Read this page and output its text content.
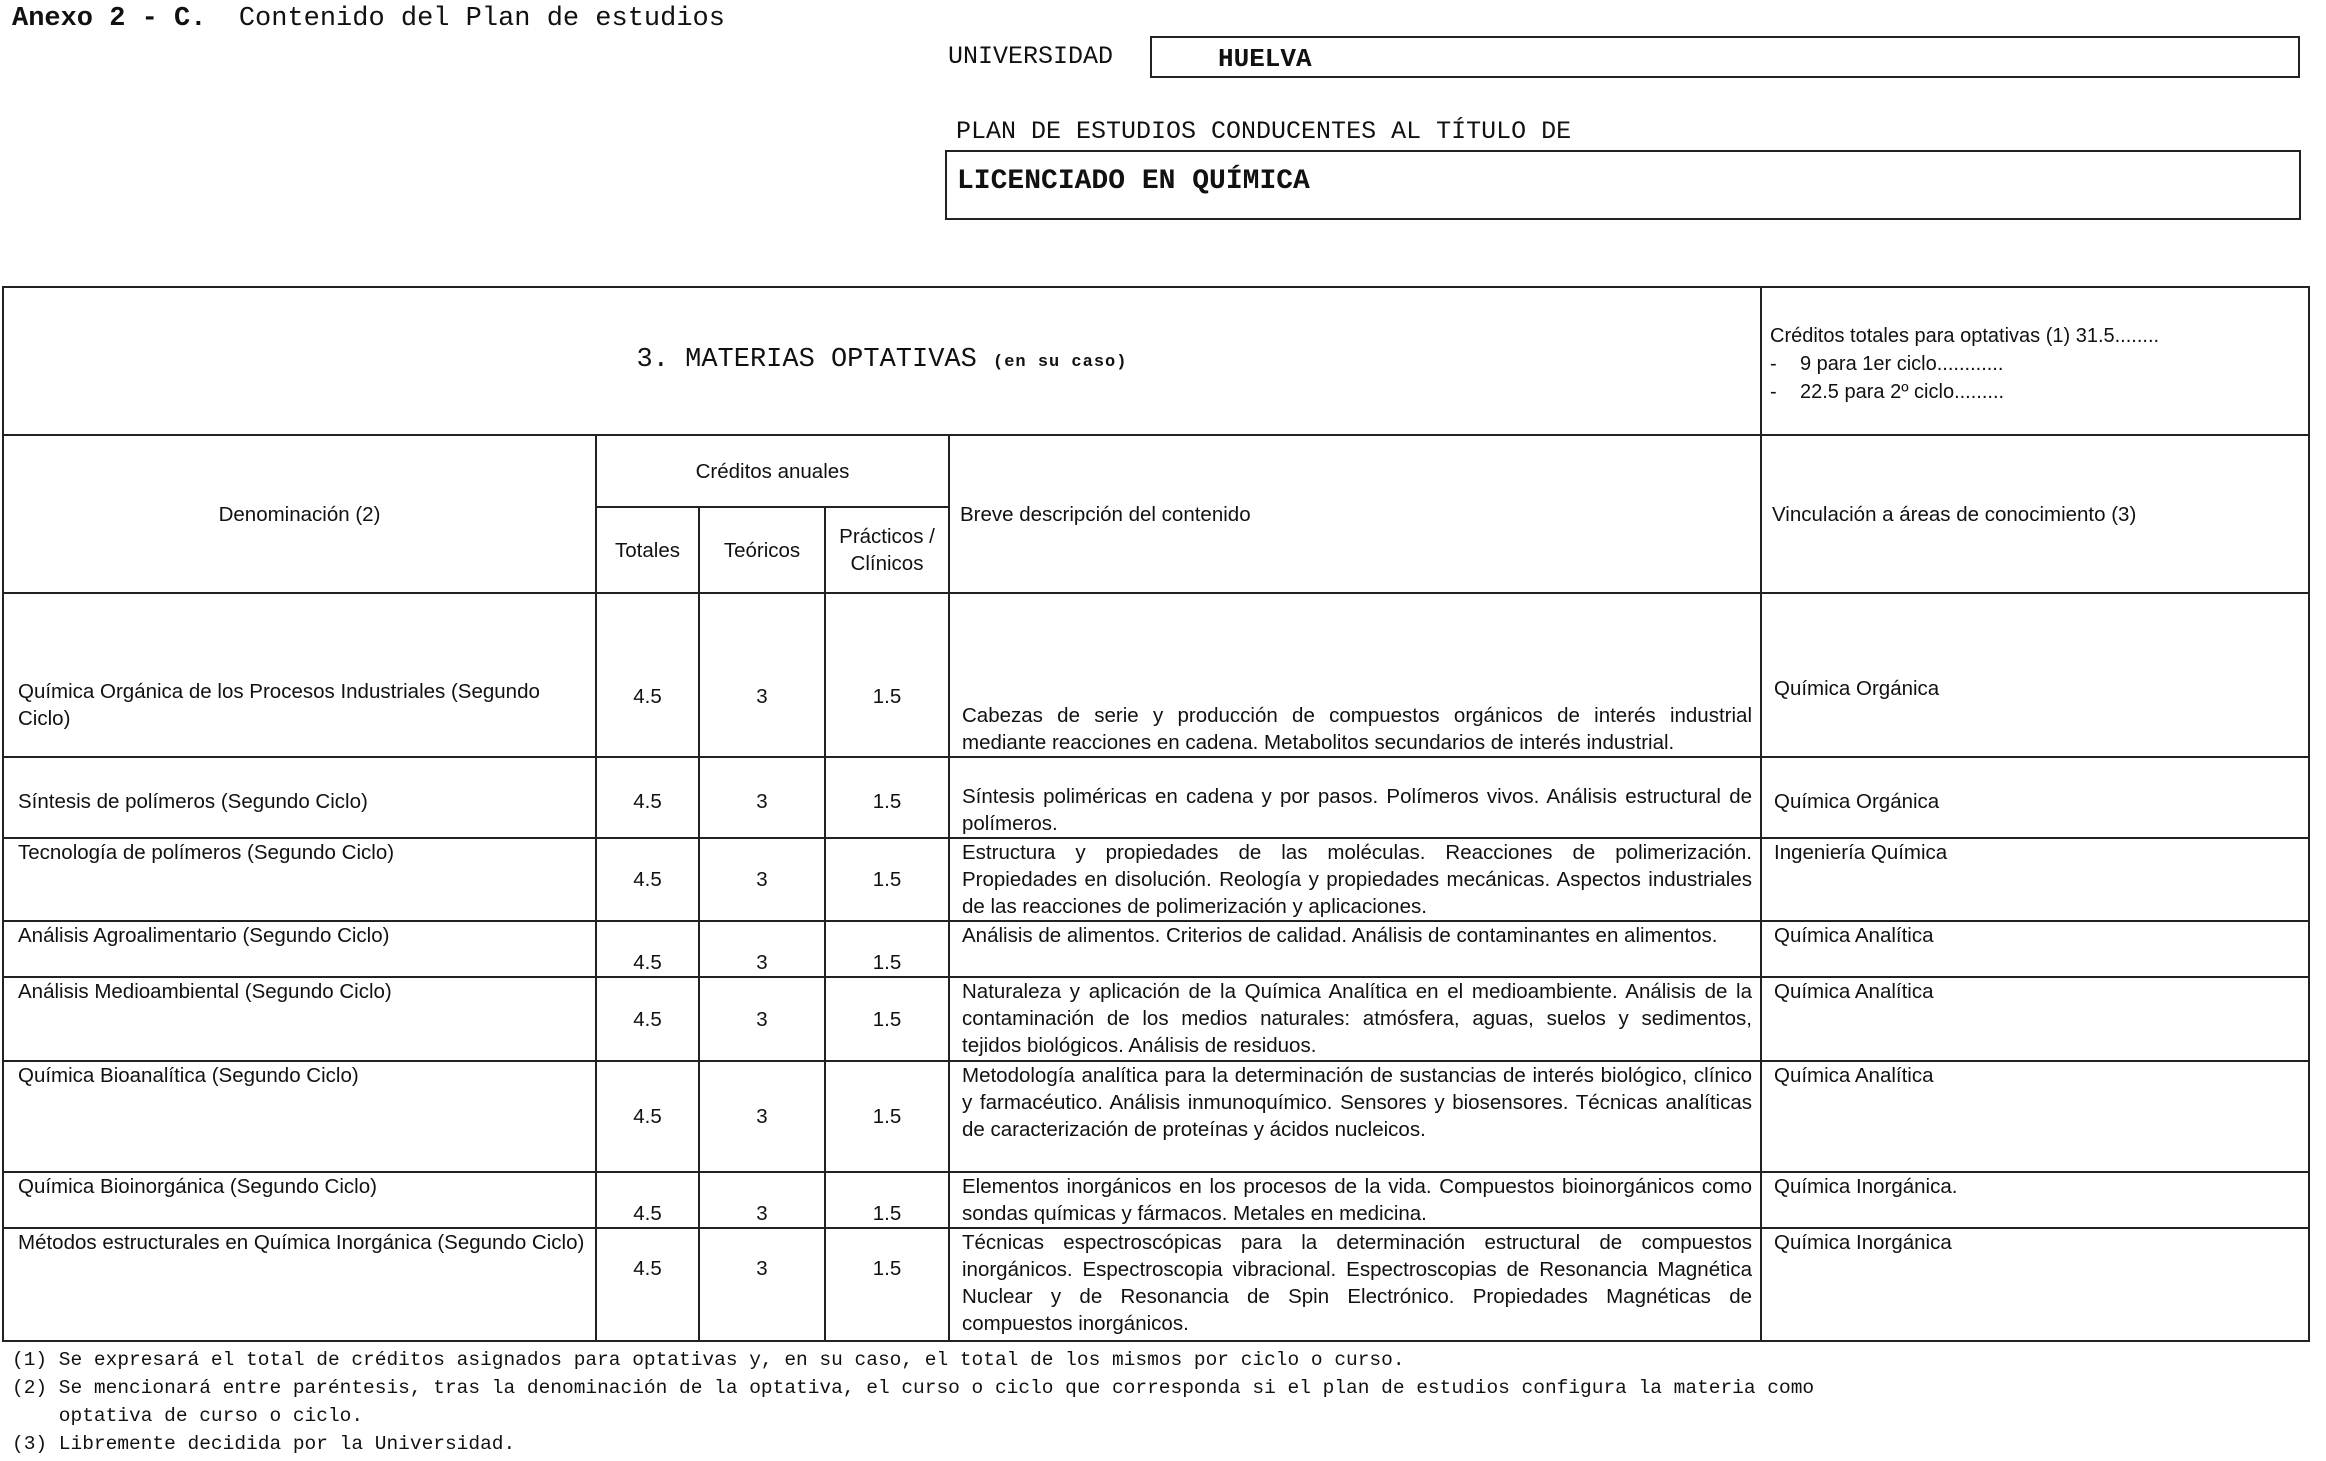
Anexo 2 - C. Contenido del Plan de estudios
UNIVERSIDAD	HUELVA
PLAN DE ESTUDIOS CONDUCENTES AL TÍTULO DE
LICENCIADO EN QUÍMICA
3. MATERIAS OPTATIVAS (en su caso)					Créditos totales para optativas (1) 31.5........
- 9 para 1er ciclo............
- 22.5 para 2º ciclo.........

Denominación (2)	Créditos anuales			Breve descripción del contenido	Vinculación a áreas de conocimiento (3)
	Totales	Teóricos	Prácticos / Clínicos		
Química Orgánica de los Procesos Industriales (Segundo Ciclo)	4.5	3	1.5	Cabezas de serie y producción de compuestos orgánicos de interés industrial mediante reacciones en cadena. Metabolitos secundarios de interés industrial.	Química Orgánica
Síntesis de polímeros (Segundo Ciclo)	4.5	3	1.5	Síntesis poliméricas en cadena y por pasos. Polímeros vivos. Análisis estructural de polímeros.	Química Orgánica
Tecnología de polímeros (Segundo Ciclo)	4.5	3	1.5	Estructura y propiedades de las moléculas. Reacciones de polimerización. Propiedades en disolución. Reología y propiedades mecánicas. Aspectos industriales de las reacciones de polimerización y aplicaciones.	Ingeniería Química
Análisis Agroalimentario (Segundo Ciclo)	4.5	3	1.5	Análisis de alimentos. Criterios de calidad. Análisis de contaminantes en alimentos.	Química Analítica
Análisis Medioambiental (Segundo Ciclo)	4.5	3	1.5	Naturaleza y aplicación de la Química Analítica en el medioambiente. Análisis de la contaminación de los medios naturales: atmósfera, aguas, suelos y sedimentos, tejidos biológicos. Análisis de residuos.	Química Analítica
Química Bioanalítica (Segundo Ciclo)	4.5	3	1.5	Metodología analítica para la determinación de sustancias de interés biológico, clínico y farmacéutico. Análisis inmunoquímico. Sensores y biosensores. Técnicas analíticas de caracterización de proteínas y ácidos nucleicos.	Química Analítica
Química Bioinorgánica (Segundo Ciclo)	4.5	3	1.5	Elementos inorgánicos en los procesos de la vida. Compuestos bioinorgánicos como sondas químicas y fármacos. Metales en medicina.	Química Inorgánica.
Métodos estructurales en Química Inorgánica (Segundo Ciclo)	4.5	3	1.5	Técnicas espectroscópicas para la determinación estructural de compuestos inorgánicos. Espectroscopia vibracional. Espectroscopias de Resonancia Magnética Nuclear y de Resonancia de Spin Electrónico. Propiedades Magnéticas de compuestos inorgánicos.	Química Inorgánica
(1) Se expresará el total de créditos asignados para optativas y, en su caso, el total de los mismos por ciclo o curso.
(2) Se mencionará entre paréntesis, tras la denominación de la optativa, el curso o ciclo que corresponda si el plan de estudios configura la materia como
optativa de curso o ciclo.
(3) Libremente decidida por la Universidad.
